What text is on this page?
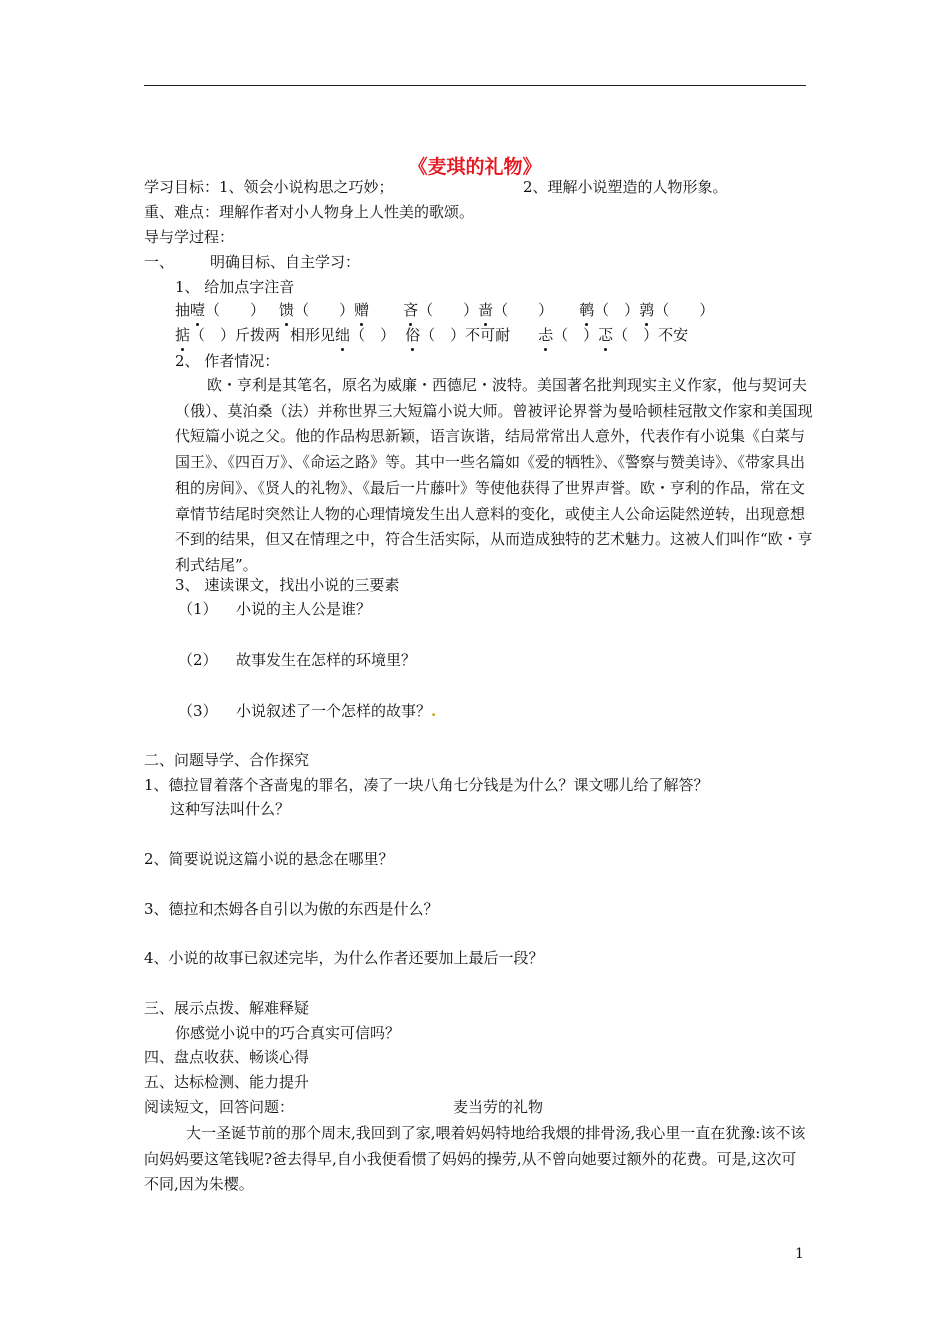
《麦琪的礼物》
学习目标：1、领会小说构思之巧妙；	2、理解小说塑造的人物形象。
重、难点：理解作者对小人物身上人性美的歌颂。
导与学过程：
一、 明确目标、自主学习：
1、 给加点字注音
抽噎（　　） 馈（　　）赠 吝（　　）啬（　　） 鹌（　）鹑（　　）
掂（　）斤拨两 相形见绌（　） 俗（　）不可耐 忐（　）忑（　）不安
2、 作者情况：
欧・亨利是其笔名，原名为威廉・西德尼・波特。美国著名批判现实主义作家，他与契诃夫（俄）、莫泊桑（法）并称世界三大短篇小说大师。曾被评论界誉为曼哈顿桂冠散文作家和美国现代短篇小说之父。他的作品构思新颖，语言诙谐，结局常常出人意外，代表作有小说集《白菜与国王》、《四百万》、《命运之路》等。其中一些名篇如《爱的牺牲》、《警察与赞美诗》、《带家具出租的房间》、《贤人的礼物》、《最后一片藤叶》等使他获得了世界声誉。欧・亨利的作品，常在文章情节结尾时突然让人物的心理情境发生出人意料的变化，或使主人公命运陡然逆转，出现意想不到的结果，但又在情理之中，符合生活实际，从而造成独特的艺术魅力。这被人们叫作“欧・亨利式结尾”。
3、 速读课文，找出小说的三要素
（1） 小说的主人公是谁？
（2） 故事发生在怎样的环境里？
（3） 小说叙述了一个怎样的故事？.
二、问题导学、合作探究
1、德拉冒着落个吝啬鬼的罪名，凑了一块八角七分钱是为什么？课文哪儿给了解答？
这种写法叫什么？
2、简要说说这篇小说的悬念在哪里？
3、德拉和杰姆各自引以为傲的东西是什么？
4、小说的故事已叙述完毕，为什么作者还要加上最后一段？
三、展示点拨、解难释疑
你感觉小说中的巧合真实可信吗？
四、盘点收获、畅谈心得
五、达标检测、能力提升
阅读短文，回答问题：	麦当劳的礼物
大一圣诞节前的那个周末,我回到了家,喂着妈妈特地给我煨的排骨汤,我心里一直在犹豫:该不该向妈妈要这笔钱呢?爸去得早,自小我便看惯了妈妈的操劳,从不曾向她要过额外的花费。可是,这次可不同,因为朱樱。
1
